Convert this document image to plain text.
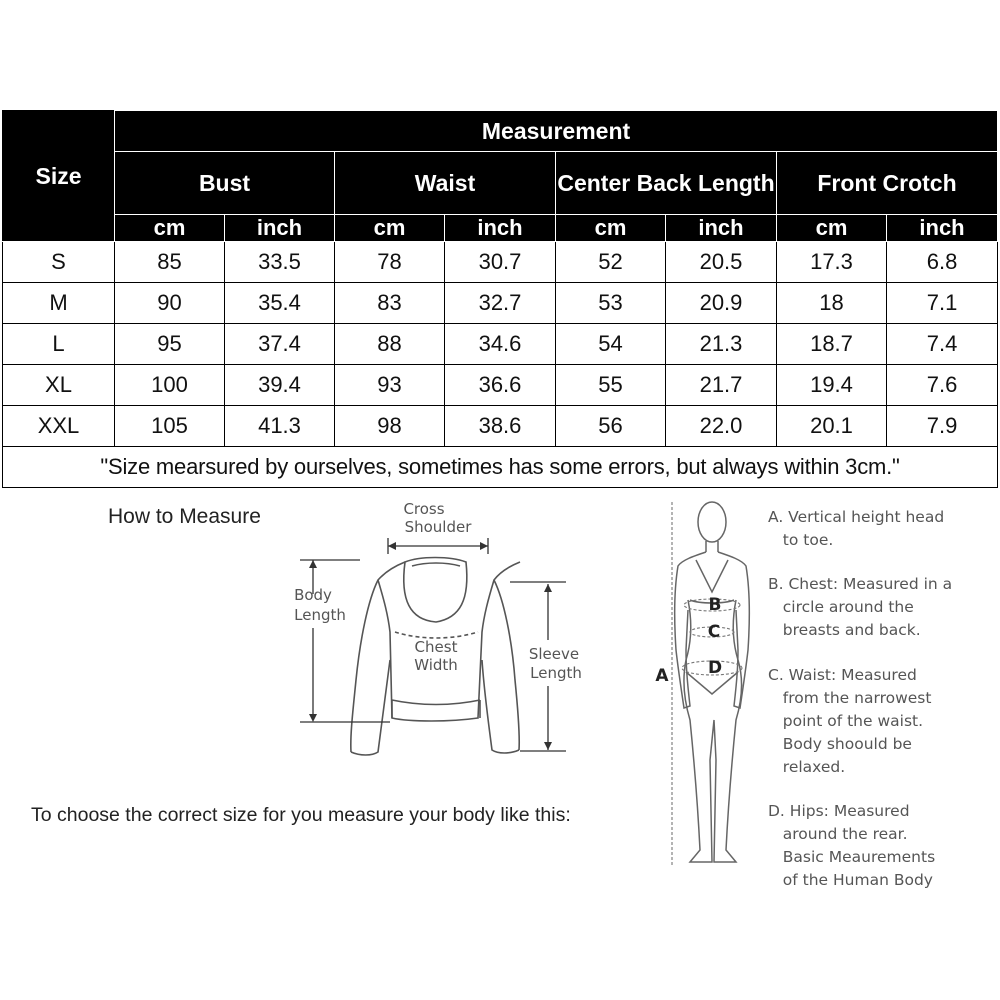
Size	Measurement							
	Bust		Waist		Center Back Length		Front Crotch	
	cm	inch	cm	inch	cm	inch	cm	inch
S	85	33.5	78	30.7	52	20.5	17.3	6.8
M	90	35.4	83	32.7	53	20.9	18	7.1
L	95	37.4	88	34.6	54	21.3	18.7	7.4
XL	100	39.4	93	36.6	55	21.7	19.4	7.6
XXL	105	41.3	98	38.6	56	22.0	20.1	7.9
"Size mearsured by ourselves, sometimes has some errors, but always within 3cm."								
How to Measure
To choose the correct size for you measure your body like this:
Cross
Shoulder
Body
Length
Chest
Width
Sleeve
Length	A
B
C
D
A. Vertical height head
to toe.
B. Chest: Measured in a
circle around the
breasts and back.
C. Waist: Measured
from the narrowest
point of the waist.
Body shoould be
relaxed.
D. Hips: Measured
around the rear.
Basic Meaurements
of the Human Body
